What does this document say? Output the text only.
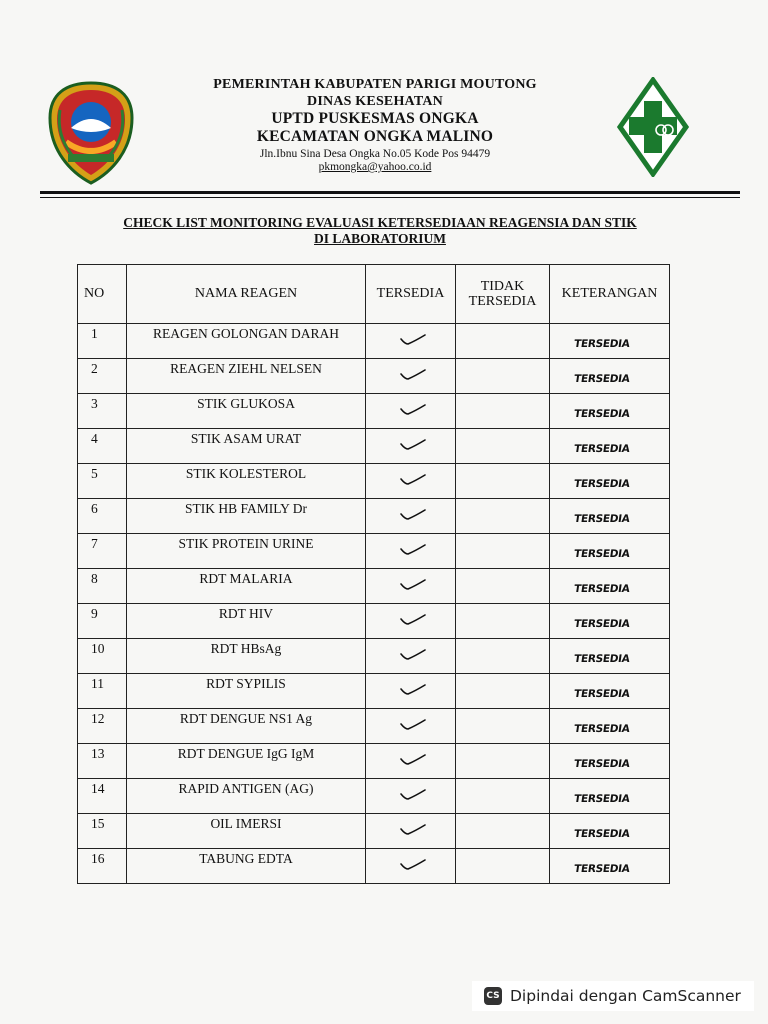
PEMERINTAH KABUPATEN PARIGI MOUTONG
DINAS KESEHATAN
UPTD PUSKESMAS ONGKA
KECAMATAN ONGKA MALINO
Jln.Ibnu Sina Desa Ongka No.05 Kode Pos 94479
pkmongka@yahoo.co.id
CHECK LIST MONITORING EVALUASI KETERSEDIAAN REAGENSIA DAN STIK
DI LABORATORIUM
NO	NAMA REAGEN	TERSEDIA	TIDAK
TERSEDIA	KETERANGAN
1	REAGEN GOLONGAN DARAH			TERSEDIA

2	REAGEN ZIEHL NELSEN			TERSEDIA

3	STIK GLUKOSA			TERSEDIA

4	STIK ASAM URAT			TERSEDIA

5	STIK KOLESTEROL			TERSEDIA

6	STIK HB FAMILY Dr			TERSEDIA

7	STIK PROTEIN URINE			TERSEDIA

8	RDT MALARIA			TERSEDIA

9	RDT HIV			TERSEDIA

10	RDT HBsAg			TERSEDIA

11	RDT SYPILIS			TERSEDIA

12	RDT DENGUE NS1 Ag			TERSEDIA

13	RDT DENGUE IgG IgM			TERSEDIA

14	RAPID ANTIGEN (AG)			TERSEDIA

15	OIL IMERSI			TERSEDIA

16	TABUNG EDTA			TERSEDIA
CS Dipindai dengan CamScanner
